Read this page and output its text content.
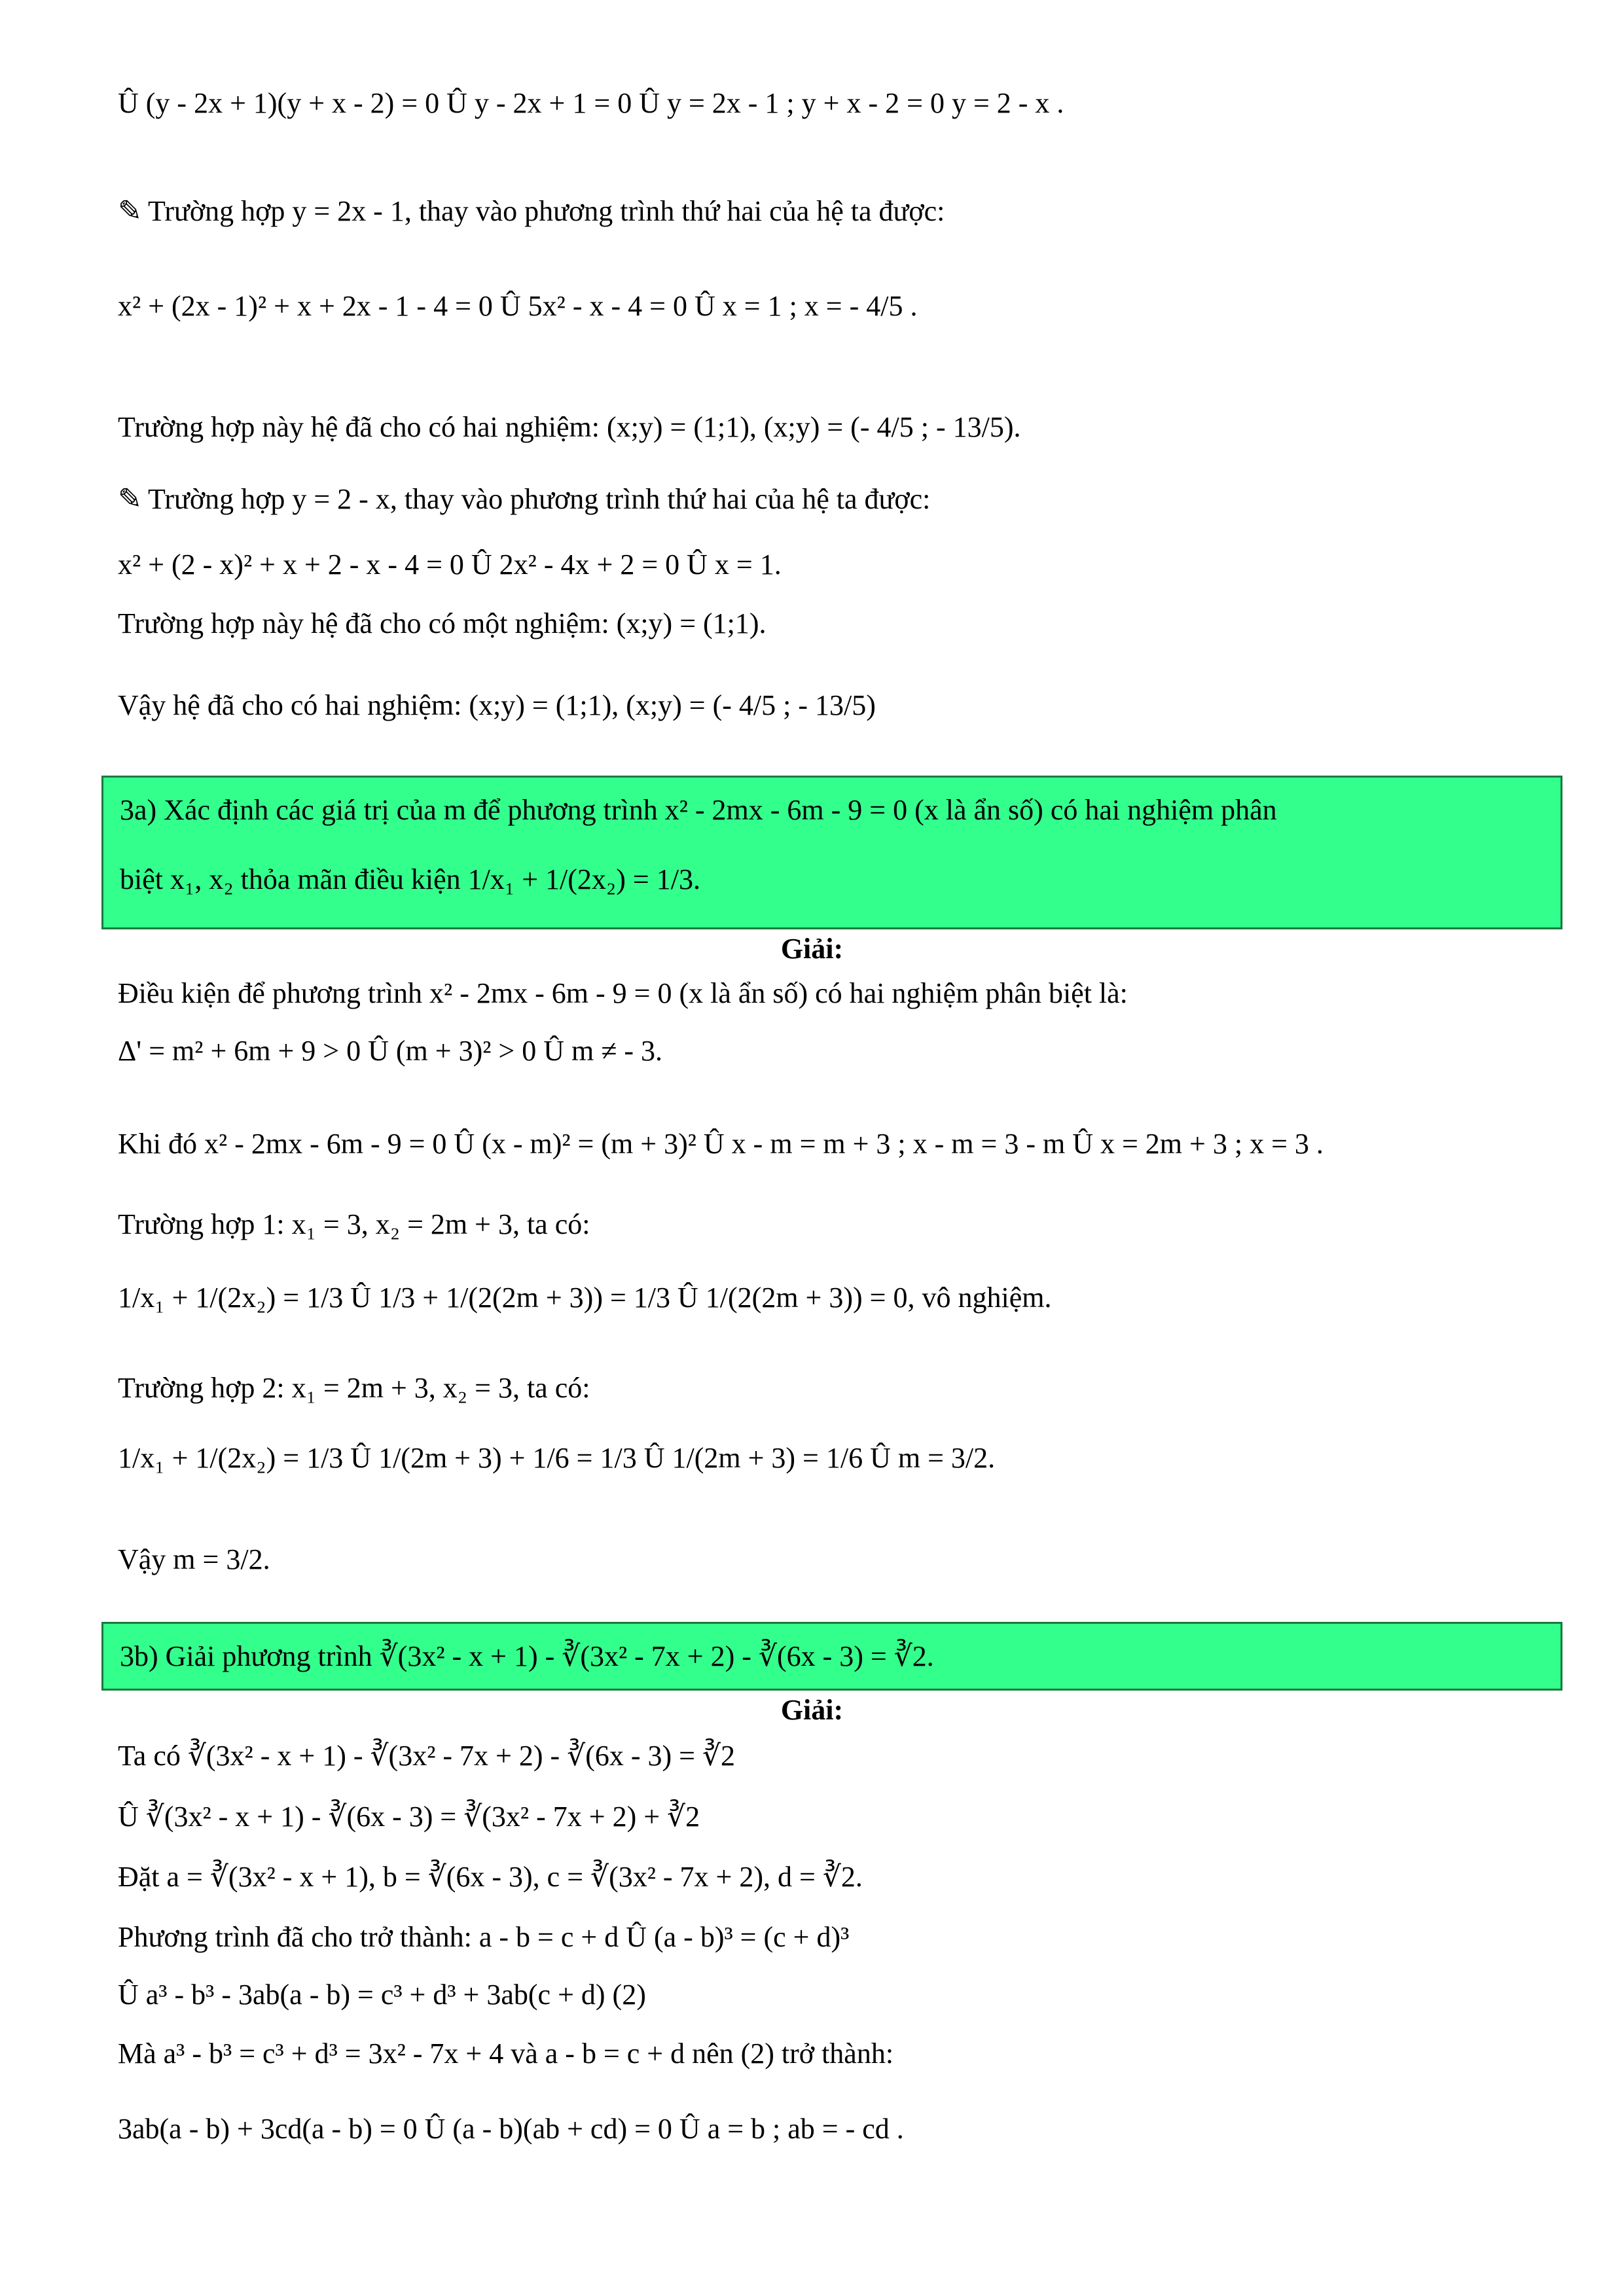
Û (y - 2x + 1)(y + x - 2) = 0 Û y - 2x + 1 = 0 Û y = 2x - 1 ; y + x - 2 = 0 y = 2 - x .
✎ Trường hợp y = 2x - 1, thay vào phương trình thứ hai của hệ ta được:
x² + (2x - 1)² + x + 2x - 1 - 4 = 0 Û 5x² - x - 4 = 0 Û x = 1 ; x = - 4/5 .
Trường hợp này hệ đã cho có hai nghiệm: (x;y) = (1;1), (x;y) = (- 4/5 ; - 13/5).
✎ Trường hợp y = 2 - x, thay vào phương trình thứ hai của hệ ta được:
x² + (2 - x)² + x + 2 - x - 4 = 0 Û 2x² - 4x + 2 = 0 Û x = 1.
Trường hợp này hệ đã cho có một nghiệm: (x;y) = (1;1).
Vậy hệ đã cho có hai nghiệm: (x;y) = (1;1), (x;y) = (- 4/5 ; - 13/5)
3a) Xác định các giá trị của m để phương trình x² - 2mx - 6m - 9 = 0 (x là ẩn số) có hai nghiệm phân
biệt x₁, x₂ thỏa mãn điều kiện 1/x₁ + 1/(2x₂) = 1/3.
Giải:
Điều kiện để phương trình x² - 2mx - 6m - 9 = 0 (x là ẩn số) có hai nghiệm phân biệt là:
Δ' = m² + 6m + 9 > 0 Û (m + 3)² > 0 Û m ≠ - 3.
Khi đó x² - 2mx - 6m - 9 = 0 Û (x - m)² = (m + 3)² Û x - m = m + 3 ; x - m = 3 - m Û x = 2m + 3 ; x = 3 .
Trường hợp 1: x₁ = 3, x₂ = 2m + 3, ta có:
1/x₁ + 1/(2x₂) = 1/3 Û 1/3 + 1/(2(2m + 3)) = 1/3 Û 1/(2(2m + 3)) = 0, vô nghiệm.
Trường hợp 2: x₁ = 2m + 3, x₂ = 3, ta có:
1/x₁ + 1/(2x₂) = 1/3 Û 1/(2m + 3) + 1/6 = 1/3 Û 1/(2m + 3) = 1/6 Û m = 3/2.
Vậy m = 3/2.
3b) Giải phương trình ∛(3x² - x + 1) - ∛(3x² - 7x + 2) - ∛(6x - 3) = ∛2.
Giải:
Ta có ∛(3x² - x + 1) - ∛(3x² - 7x + 2) - ∛(6x - 3) = ∛2
Û ∛(3x² - x + 1) - ∛(6x - 3) = ∛(3x² - 7x + 2) + ∛2
Đặt a = ∛(3x² - x + 1), b = ∛(6x - 3), c = ∛(3x² - 7x + 2), d = ∛2.
Phương trình đã cho trở thành: a - b = c + d Û (a - b)³ = (c + d)³
Û a³ - b³ - 3ab(a - b) = c³ + d³ + 3ab(c + d) (2)
Mà a³ - b³ = c³ + d³ = 3x² - 7x + 4 và a - b = c + d nên (2) trở thành:
3ab(a - b) + 3cd(a - b) = 0 Û (a - b)(ab + cd) = 0 Û a = b ; ab = - cd .
